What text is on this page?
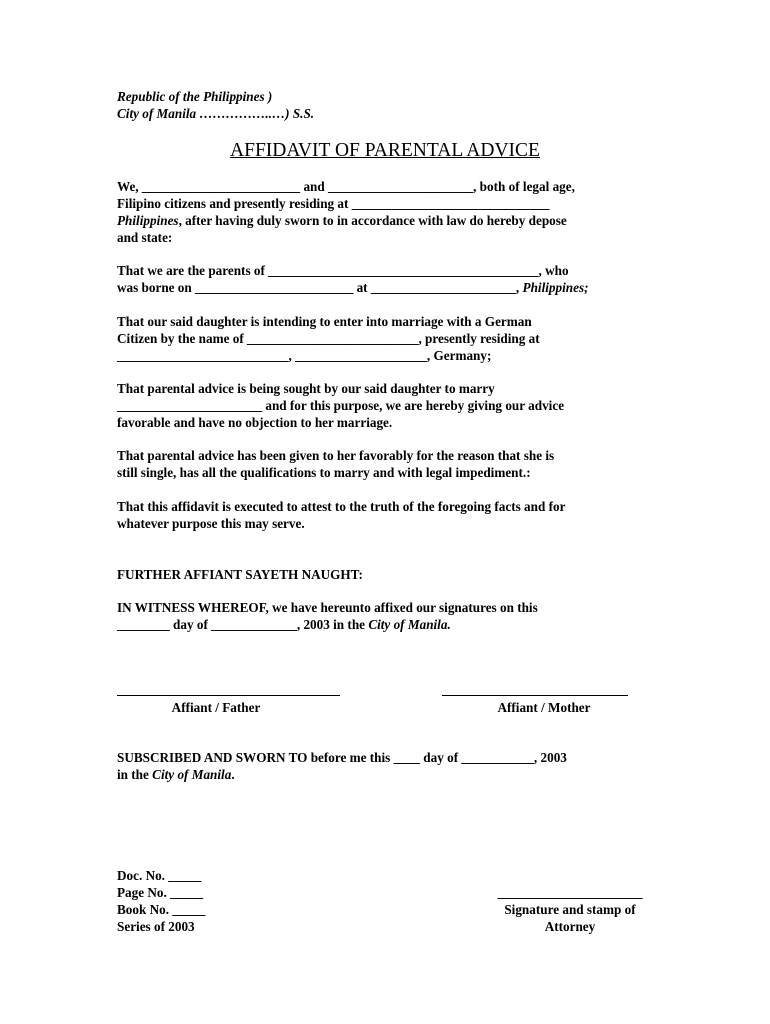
Republic of the Philippines )
City of Manila ……………..…) S.S.
AFFIDAVIT OF PARENTAL ADVICE
We, ________________________ and ______________________, both of legal age,
Filipino citizens and presently residing at ______________________________
Philippines, after having duly sworn to in accordance with law do hereby depose
and state:
That we are the parents of _________________________________________, who
was borne on ________________________ at ______________________, Philippines;
That our said daughter is intending to enter into marriage with a German
Citizen by the name of __________________________, presently residing at
__________________________, ____________________, Germany;
That parental advice is being sought by our said daughter to marry
______________________ and for this purpose, we are hereby giving our advice
favorable and have no objection to her marriage.
That parental advice has been given to her favorably for the reason that she is
still single, has all the qualifications to marry and with legal impediment.:
That this affidavit is executed to attest to the truth of the foregoing facts and for
whatever purpose this may serve.
FURTHER AFFIANT SAYETH NAUGHT:
IN WITNESS WHEREOF, we have hereunto affixed our signatures on this
________ day of _____________, 2003 in the City of Manila.
Affiant / Father	Affiant / Mother
SUBSCRIBED AND SWORN TO before me this ____ day of ___________, 2003
in the City of Manila.
Doc. No. _____
Page No. _____
Book No. _____
Series of 2003
______________________
Signature and stamp of
Attorney
